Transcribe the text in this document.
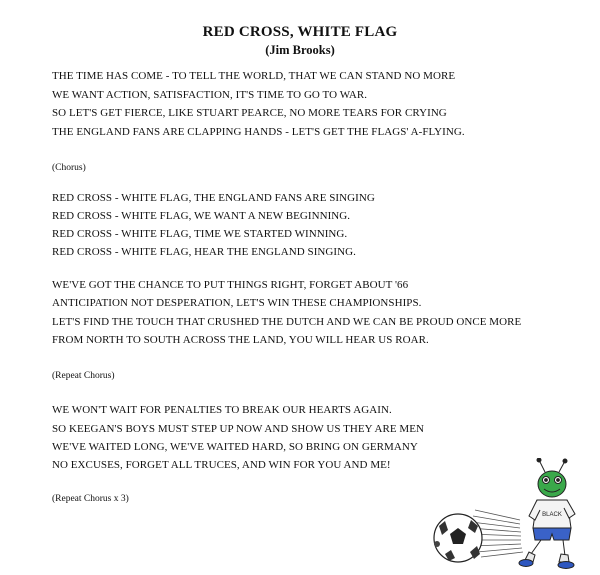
RED CROSS, WHITE FLAG
(Jim Brooks)
THE TIME HAS COME - TO TELL THE WORLD, THAT WE CAN STAND NO MORE
WE WANT ACTION, SATISFACTION, IT'S TIME TO GO TO WAR.
SO LET'S GET FIERCE, LIKE STUART PEARCE, NO MORE TEARS FOR CRYING
THE ENGLAND FANS ARE CLAPPING HANDS - LET'S GET THE FLAGS' A-FLYING.
(Chorus)
RED CROSS - WHITE FLAG, THE ENGLAND FANS ARE SINGING
RED CROSS - WHITE FLAG, WE WANT A NEW BEGINNING.
RED CROSS - WHITE FLAG, TIME WE STARTED WINNING.
RED CROSS - WHITE FLAG, HEAR THE ENGLAND SINGING.
WE'VE GOT THE CHANCE TO PUT THINGS RIGHT, FORGET ABOUT '66
ANTICIPATION NOT DESPERATION, LET'S WIN THESE CHAMPIONSHIPS.
LET'S FIND THE TOUCH THAT CRUSHED THE DUTCH AND WE CAN BE PROUD ONCE MORE
FROM NORTH TO SOUTH ACROSS THE LAND, YOU WILL HEAR US ROAR.
(Repeat Chorus)
WE WON'T WAIT FOR PENALTIES TO BREAK OUR HEARTS AGAIN.
SO KEEGAN'S BOYS MUST STEP UP NOW AND SHOW US THEY ARE MEN
WE'VE WAITED LONG, WE'VE WAITED HARD, SO BRING ON GERMANY
NO EXCUSES, FORGET ALL TRUCES, AND WIN FOR YOU AND ME!
(Repeat Chorus x 3)
BLACK
